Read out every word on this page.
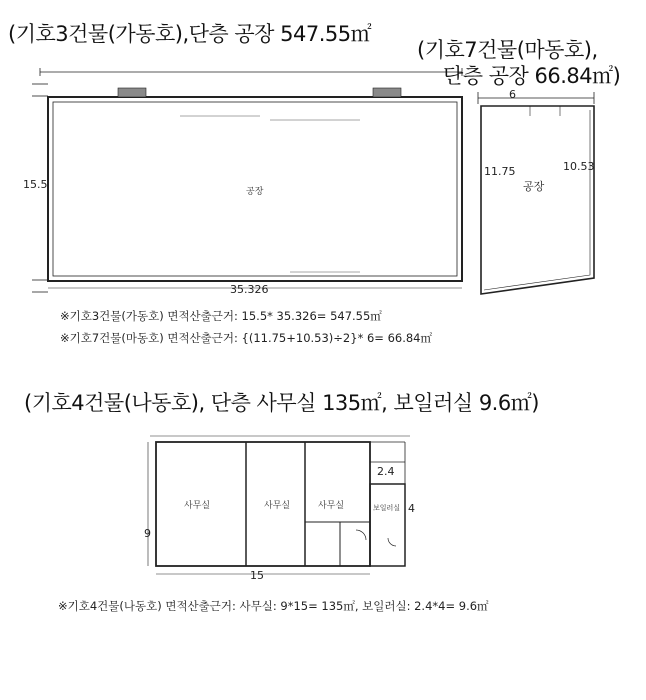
(기호3건물(가동호),단층 공장 547.55㎡
공장
15.5
35.326
※기호3건물(가동호) 면적산출근거: 15.5* 35.326= 547.55㎡
(기호7건물(마동호),
단층 공장 66.84㎡)
6
11.75	10.53
공장
※기호7건물(마동호) 면적산출근거: {(11.75+10.53)÷2}* 6= 66.84㎡
(기호4건물(나동호), 단층 사무실 135㎡, 보일러실 9.6㎡)
사무실	사무실	사무실	보일러실
2.4
4
9
15
※기호4건물(나동호) 면적산출근거: 사무실: 9*15= 135㎡, 보일러실: 2.4*4= 9.6㎡
